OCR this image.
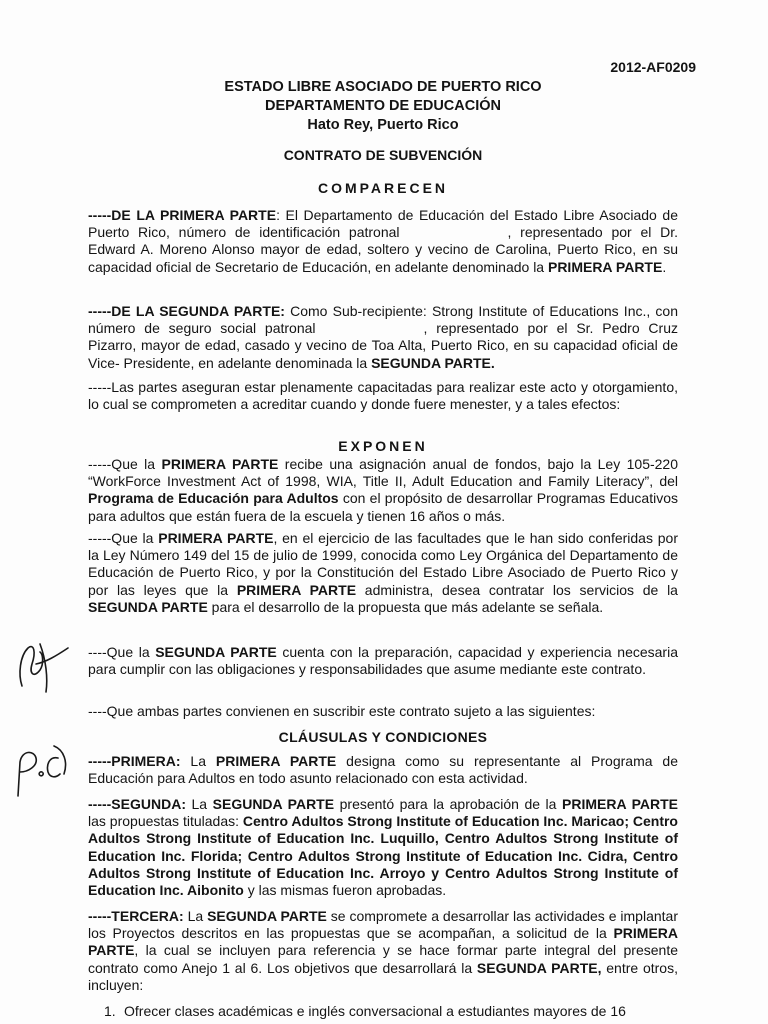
2012-AF0209
ESTADO LIBRE ASOCIADO DE PUERTO RICO
DEPARTAMENTO DE EDUCACIÓN
Hato Rey, Puerto Rico
CONTRATO DE SUBVENCIÓN
COMPARECEN
-----DE LA PRIMERA PARTE: El Departamento de Educación del Estado Libre Asociado de Puerto Rico, número de identificación patronal	, representado por el Dr. Edward A. Moreno Alonso mayor de edad, soltero y vecino de Carolina, Puerto Rico, en su capacidad oficial de Secretario de Educación, en adelante denominado la PRIMERA PARTE.
-----DE LA SEGUNDA PARTE: Como Sub-recipiente: Strong Institute of Educations Inc., con número de seguro social patronal	, representado por el Sr. Pedro Cruz Pizarro, mayor de edad, casado y vecino de Toa Alta, Puerto Rico, en su capacidad oficial de Vice- Presidente, en adelante denominada la SEGUNDA PARTE.
-----Las partes aseguran estar plenamente capacitadas para realizar este acto y otorgamiento, lo cual se comprometen a acreditar cuando y donde fuere menester, y a tales efectos:
EXPONEN
-----Que la PRIMERA PARTE recibe una asignación anual de fondos, bajo la Ley 105-220 “WorkForce Investment Act of 1998, WIA, Title II, Adult Education and Family Literacy”, del Programa de Educación para Adultos con el propósito de desarrollar Programas Educativos para adultos que están fuera de la escuela y tienen 16 años o más.
-----Que la PRIMERA PARTE, en el ejercicio de las facultades que le han sido conferidas por la Ley Número 149 del 15 de julio de 1999, conocida como Ley Orgánica del Departamento de Educación de Puerto Rico, y por la Constitución del Estado Libre Asociado de Puerto Rico y por las leyes que la PRIMERA PARTE administra, desea contratar los servicios de la SEGUNDA PARTE para el desarrollo de la propuesta que más adelante se señala.
----Que la SEGUNDA PARTE cuenta con la preparación, capacidad y experiencia necesaria para cumplir con las obligaciones y responsabilidades que asume mediante este contrato.
----Que ambas partes convienen en suscribir este contrato sujeto a las siguientes:
CLÁUSULAS Y CONDICIONES
-----PRIMERA: La PRIMERA PARTE designa como su representante al Programa de Educación para Adultos en todo asunto relacionado con esta actividad.
-----SEGUNDA: La SEGUNDA PARTE presentó para la aprobación de la PRIMERA PARTE las propuestas tituladas: Centro Adultos Strong Institute of Education Inc. Maricao; Centro Adultos Strong Institute of Education Inc. Luquillo, Centro Adultos Strong Institute of Education Inc. Florida; Centro Adultos Strong Institute of Education Inc. Cidra, Centro Adultos Strong Institute of Education Inc. Arroyo y Centro Adultos Strong Institute of Education Inc. Aibonito y las mismas fueron aprobadas.
-----TERCERA: La SEGUNDA PARTE se compromete a desarrollar las actividades e implantar los Proyectos descritos en las propuestas que se acompañan, a solicitud de la PRIMERA PARTE, la cual se incluyen para referencia y se hace formar parte integral del presente contrato como Anejo 1 al 6. Los objetivos que desarrollará la SEGUNDA PARTE, entre otros, incluyen:
1. Ofrecer clases académicas e inglés conversacional a estudiantes mayores de 16
